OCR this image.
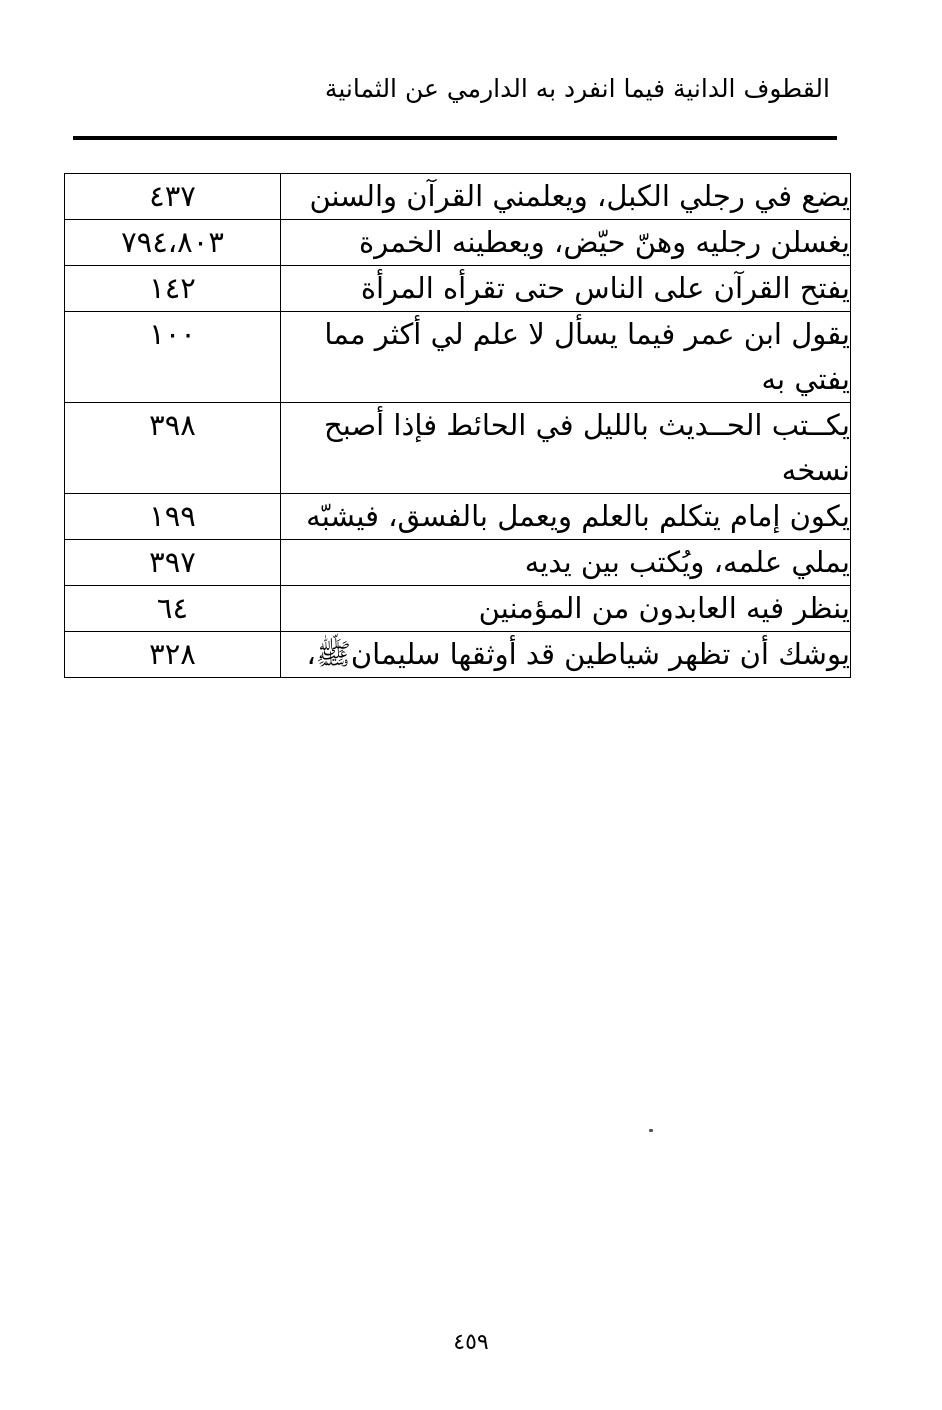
القطوف الدانية فيما انفرد به الدارمي عن الثمانية
يضع في رجلي الكبل، ويعلمني القرآن والسنن	٤٣٧
يغسلن رجليه وهنّ حيّض، ويعطينه الخمرة	٧٩٤،٨٠٣
يفتح القرآن على الناس حتى تقرأه المرأة	١٤٢
يقول ابن عمر فيما يسأل لا علم لي أكثر مما يفتي به	١٠٠
يكــتب الحــديث بالليل في الحائط فإذا أصبح نسخه	٣٩٨
يكون إمام يتكلم بالعلم ويعمل بالفسق، فيشبّه	١٩٩
يملي علمه، ويُكتب بين يديه	٣٩٧
ينظر فيه العابدون من المؤمنين	٦٤
يوشك أن تظهر شياطين قد أوثقها سليمانﷺ،	٣٢٨
٤٥٩
